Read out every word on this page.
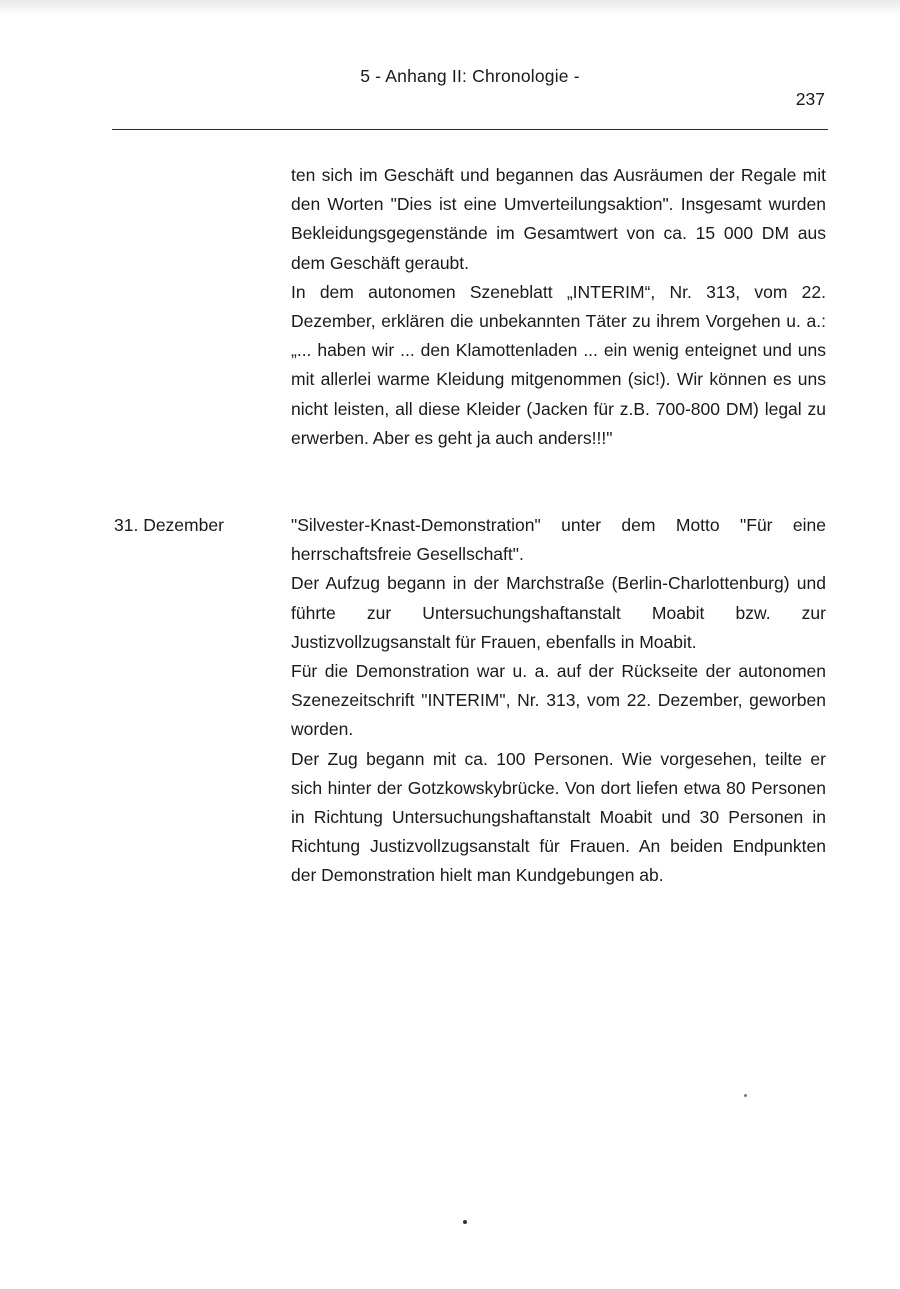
5 - Anhang II: Chronologie -
237

ten sich im Geschäft und begannen das Ausräumen der Regale mit den Worten "Dies ist eine Umverteilungsaktion". Insgesamt wurden Bekleidungsgegenstände im Gesamtwert von ca. 15 000 DM aus dem Geschäft geraubt.

In dem autonomen Szeneblatt „INTERIM“, Nr. 313, vom 22. Dezember, erklären die unbekannten Täter zu ihrem Vorgehen u. a.: „... haben wir ... den Klamottenladen ... ein wenig enteignet und uns mit allerlei warme Kleidung mitgenommen (sic!). Wir können es uns nicht leisten, all diese Kleider (Jacken für z.B. 700-800 DM) legal zu erwerben. Aber es geht ja auch anders!!!"

31. Dezember	"Silvester-Knast-Demonstration" unter dem Motto "Für eine herrschaftsfreie Gesellschaft".

Der Aufzug begann in der Marchstraße (Berlin-Charlottenburg) und führte zur Untersuchungshaftanstalt Moabit bzw. zur Justizvollzugsanstalt für Frauen, ebenfalls in Moabit.

Für die Demonstration war u. a. auf der Rückseite der autonomen Szenezeitschrift "INTERIM", Nr. 313, vom 22. Dezember, geworben worden.

Der Zug begann mit ca. 100 Personen. Wie vorgesehen, teilte er sich hinter der Gotzkowskybrücke. Von dort liefen etwa 80 Personen in Richtung Untersuchungshaftanstalt Moabit und 30 Personen in Richtung Justizvollzugsanstalt für Frauen. An beiden Endpunkten der Demonstration hielt man Kundgebungen ab.
